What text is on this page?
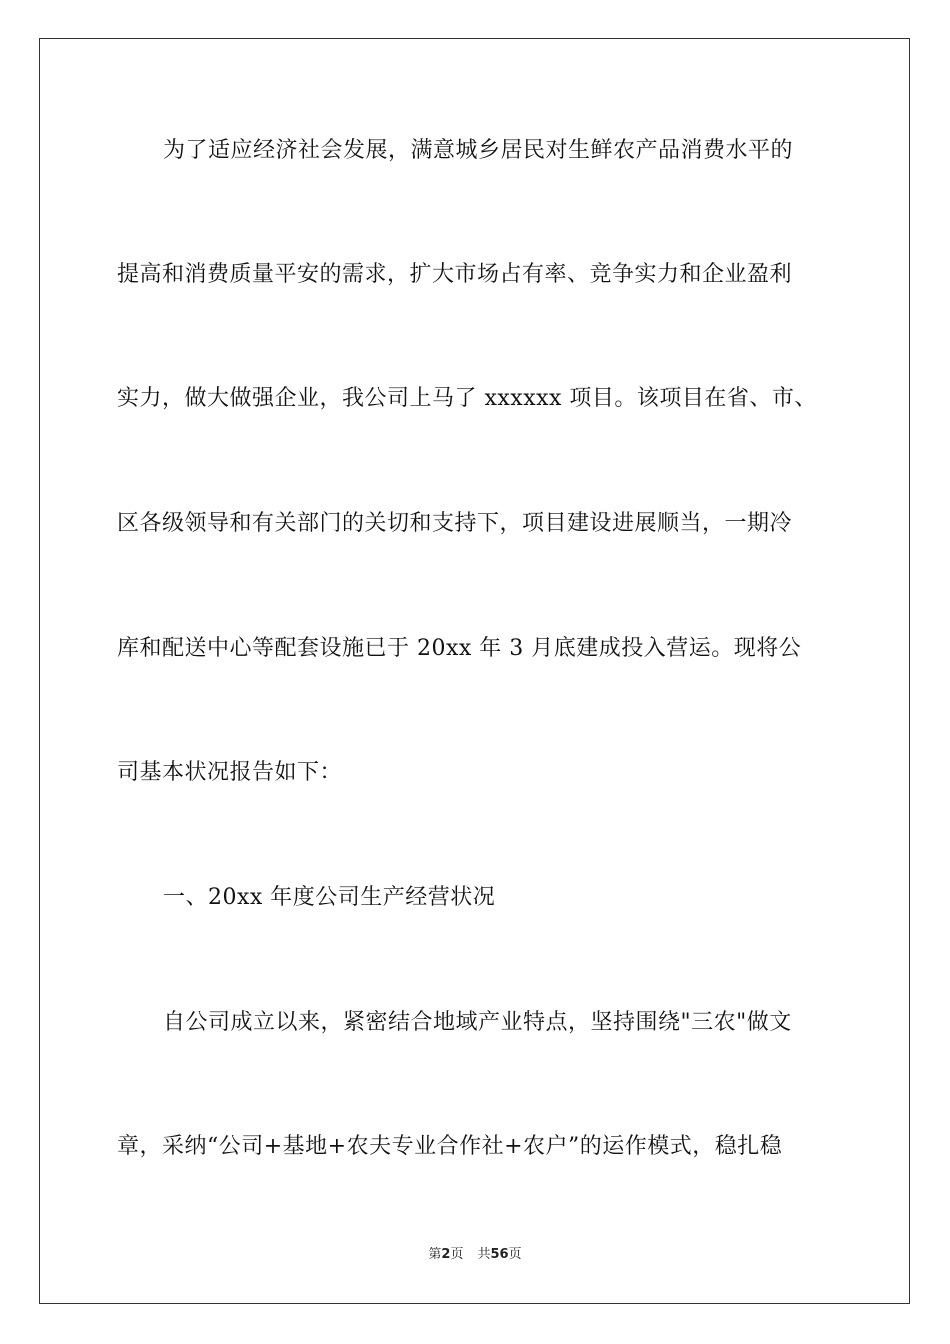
为了适应经济社会发展，满意城乡居民对生鲜农产品消费水平的
提高和消费质量平安的需求，扩大市场占有率、竞争实力和企业盈利
实力，做大做强企业，我公司上马了 xxxxxx 项目。该项目在省、市、
区各级领导和有关部门的关切和支持下，项目建设进展顺当，一期冷
库和配送中心等配套设施已于 20xx 年 3 月底建成投入营运。现将公
司基本状况报告如下：
一、20xx 年度公司生产经营状况
自公司成立以来，紧密结合地域产业特点，坚持围绕"三农"做文
章，采纳“公司+基地+农夫专业合作社+农户”的运作模式，稳扎稳
第2页 共56页
